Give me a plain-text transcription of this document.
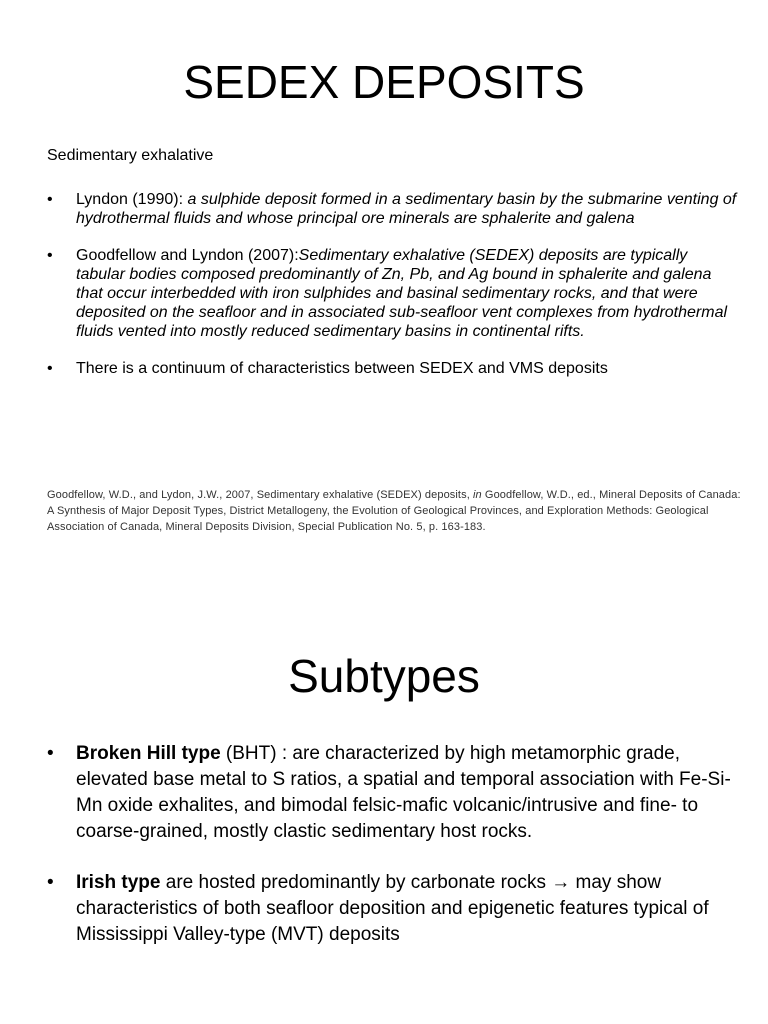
SEDEX DEPOSITS

Sedimentary exhalative

• Lyndon (1990): a sulphide deposit formed in a sedimentary basin by the submarine venting of hydrothermal fluids and whose principal ore minerals are sphalerite and galena
• Goodfellow and Lyndon (2007):Sedimentary exhalative (SEDEX) deposits are typically tabular bodies composed predominantly of Zn, Pb, and Ag bound in sphalerite and galena that occur interbedded with iron sulphides and basinal sedimentary rocks, and that were deposited on the seafloor and in associated sub-seafloor vent complexes from hydrothermal fluids vented into mostly reduced sedimentary basins in continental rifts.
• There is a continuum of characteristics between SEDEX and VMS deposits

Goodfellow, W.D., and Lydon, J.W., 2007, Sedimentary exhalative (SEDEX) deposits, in Goodfellow, W.D., ed., Mineral Deposits of Canada: A Synthesis of Major Deposit Types, District Metallogeny, the Evolution of Geological Provinces, and Exploration Methods: Geological Association of Canada, Mineral Deposits Division, Special Publication No. 5, p. 163-183.

Subtypes
• Broken Hill type (BHT) : are characterized by high metamorphic grade, elevated base metal to S ratios, a spatial and temporal association with Fe-Si-Mn oxide exhalites, and bimodal felsic-mafic volcanic/intrusive and fine- to coarse-grained, mostly clastic sedimentary host rocks.
• Irish type are hosted predominantly by carbonate rocks → may show characteristics of both seafloor deposition and epigenetic features typical of Mississippi Valley-type (MVT) deposits
